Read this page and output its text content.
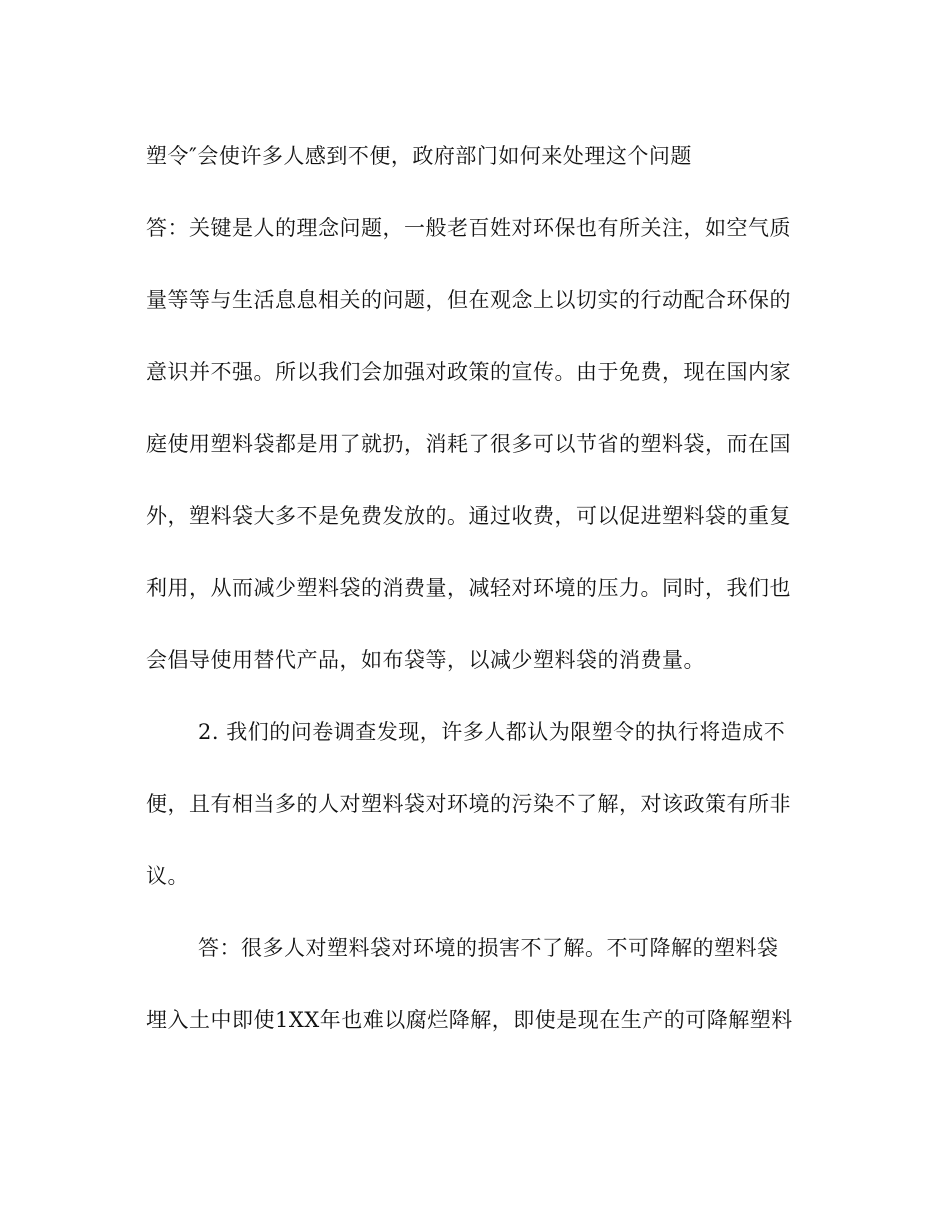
塑令″会使许多人感到不便，政府部门如何来处理这个问题
答：关键是人的理念问题，一般老百姓对环保也有所关注，如空气质
量等等与生活息息相关的问题，但在观念上以切实的行动配合环保的
意识并不强。所以我们会加强对政策的宣传。由于免费，现在国内家
庭使用塑料袋都是用了就扔，消耗了很多可以节省的塑料袋，而在国
外，塑料袋大多不是免费发放的。通过收费，可以促进塑料袋的重复
利用，从而减少塑料袋的消费量，减轻对环境的压力。同时，我们也
会倡导使用替代产品，如布袋等，以减少塑料袋的消费量。
2. 我们的问卷调查发现，许多人都认为限塑令的执行将造成不
便，且有相当多的人对塑料袋对环境的污染不了解，对该政策有所非
议。
答：很多人对塑料袋对环境的损害不了解。不可降解的塑料袋
埋入土中即使1XX年也难以腐烂降解，即使是现在生产的可降解塑料
